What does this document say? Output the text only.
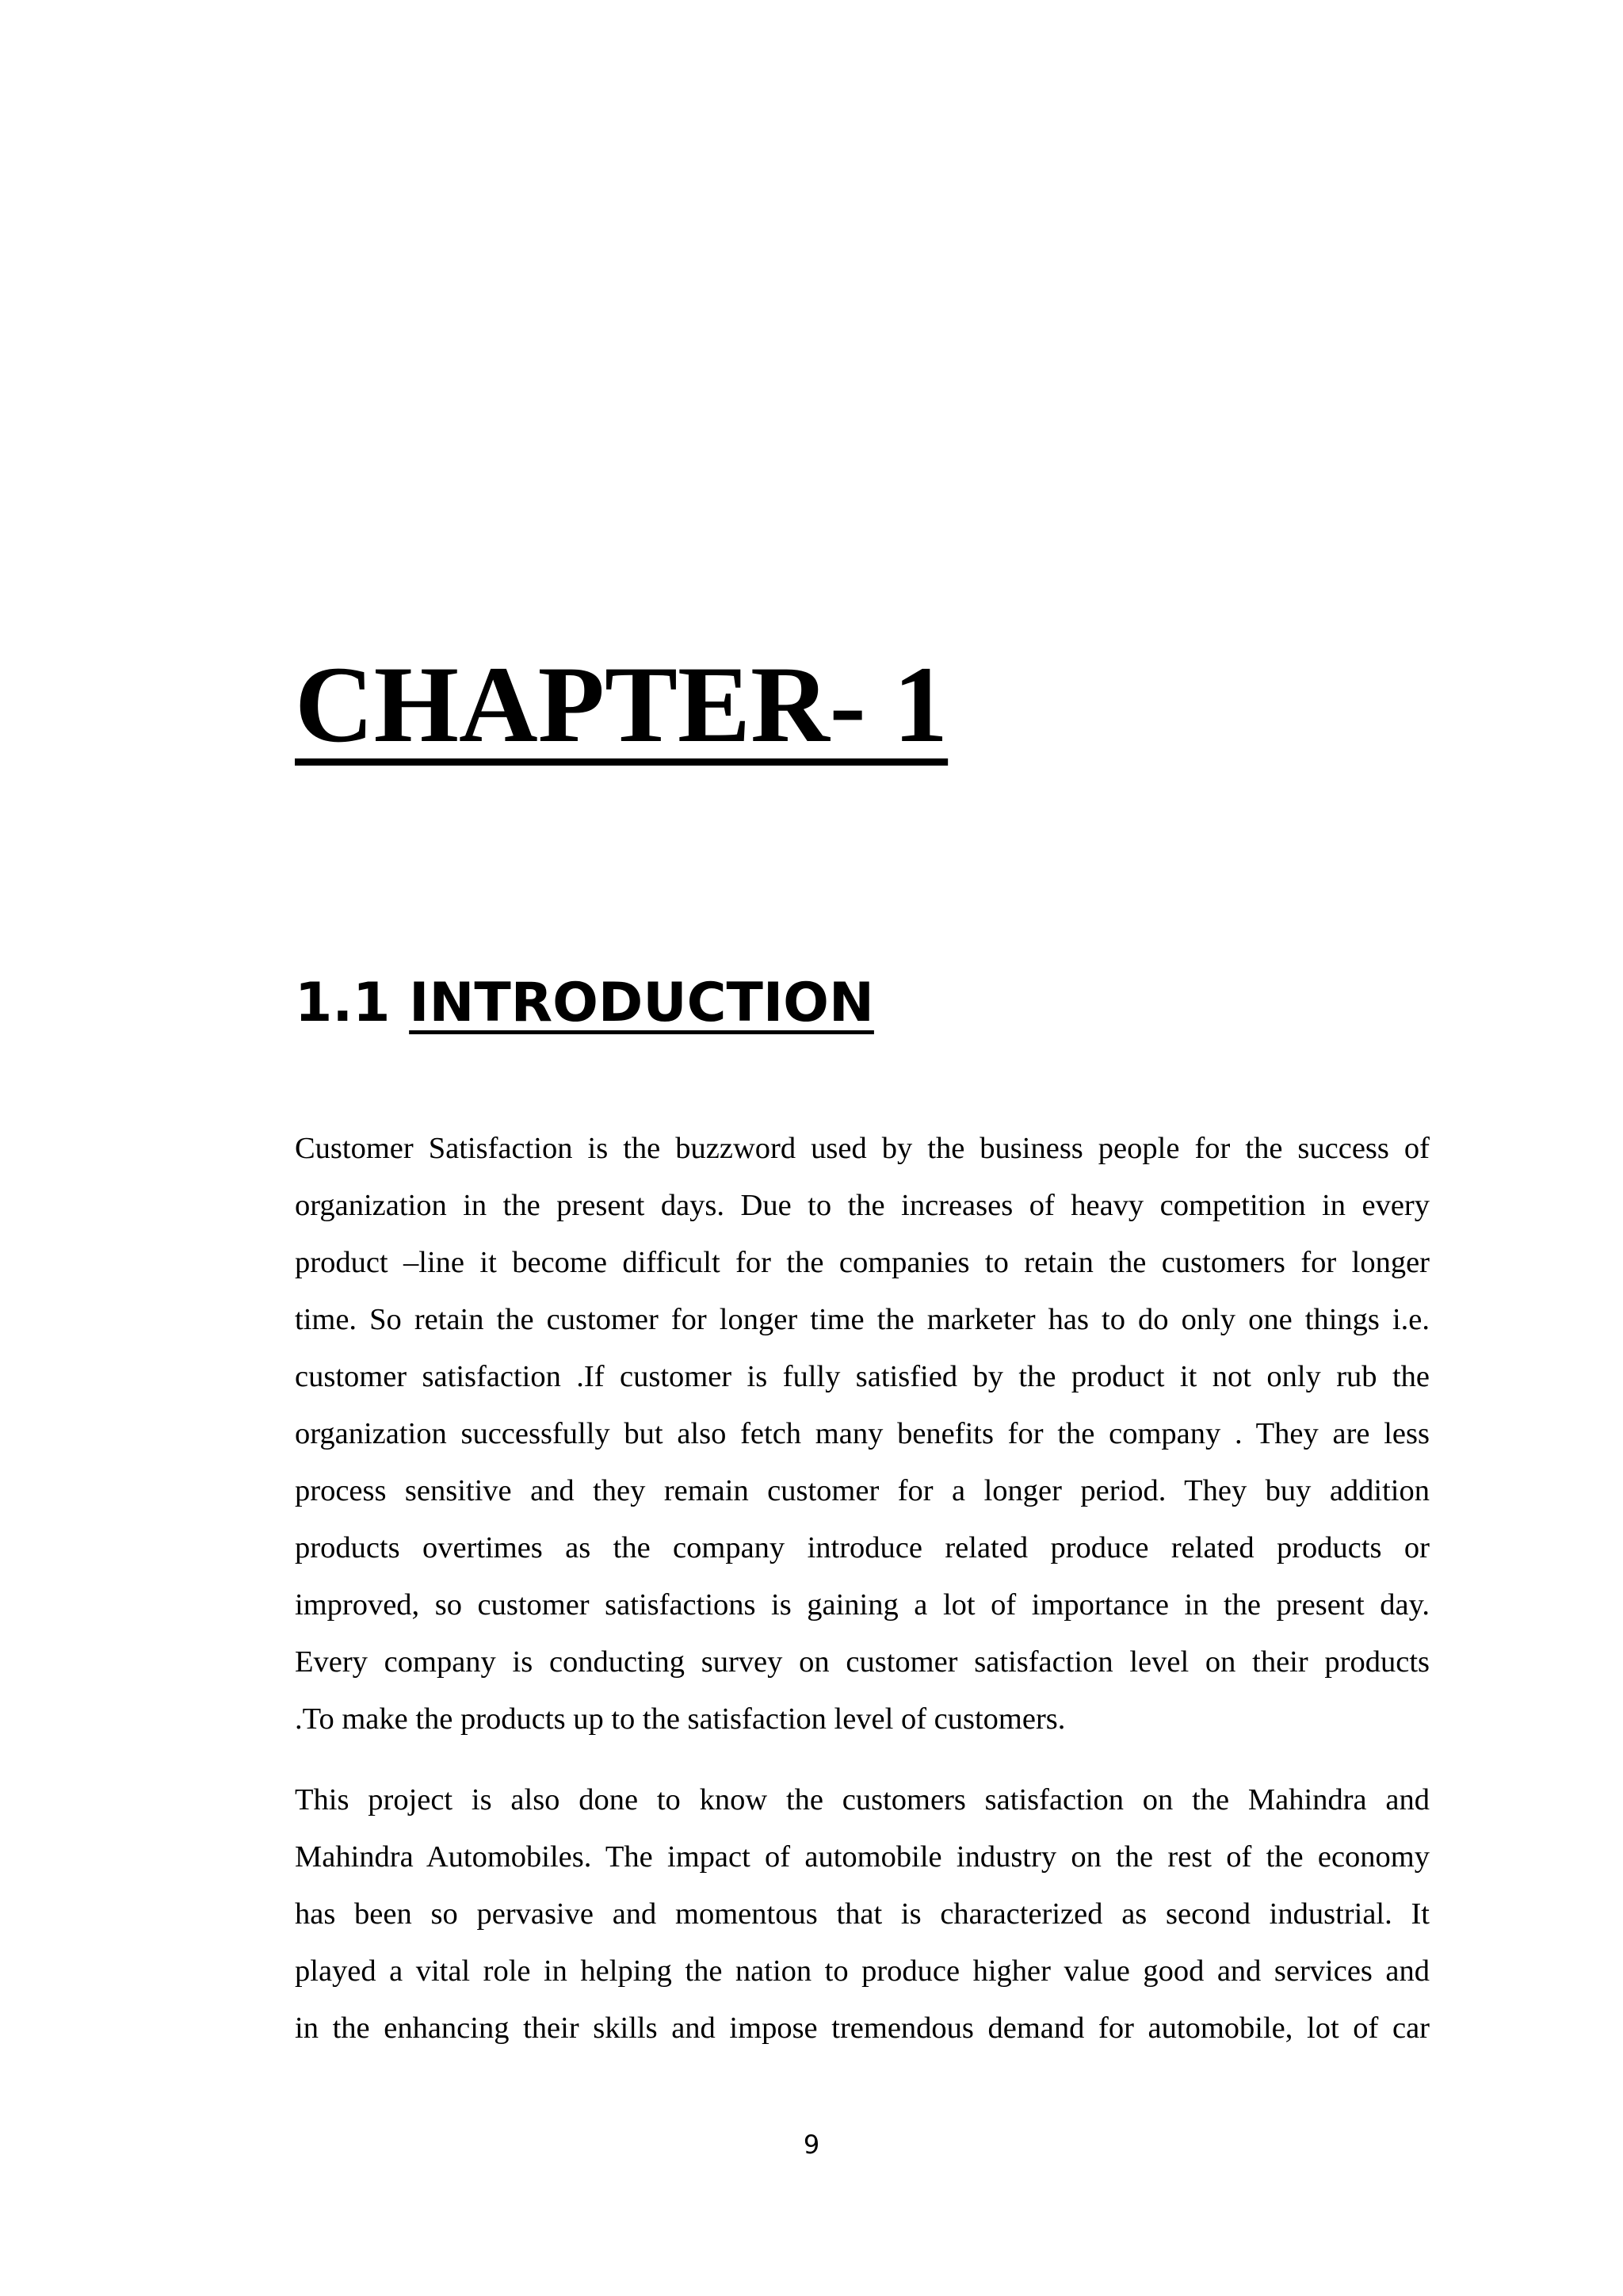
CHAPTER- 1
1.1 INTRODUCTION
Customer Satisfaction is the buzzword used by the business people for the success of
organization in the present days. Due to the increases of heavy competition in every
product –line it become difficult for the companies to retain the customers for longer
time. So retain the customer for longer time the marketer has to do only one things i.e.
customer satisfaction .If customer is fully satisfied by the product it not only rub the
organization successfully but also fetch many benefits for the company . They are less
process sensitive and they remain customer for a longer period. They buy addition
products overtimes as the company introduce related produce related products or
improved, so customer satisfactions is gaining a lot of importance in the present day.
Every company is conducting survey on customer satisfaction level on their products
.To make the products up to the satisfaction level of customers.
This project is also done to know the customers satisfaction on the Mahindra and
Mahindra Automobiles. The impact of automobile industry on the rest of the economy
has been so pervasive and momentous that is characterized as second industrial. It
played a vital role in helping the nation to produce higher value good and services and
in the enhancing their skills and impose tremendous demand for automobile, lot of car
9
